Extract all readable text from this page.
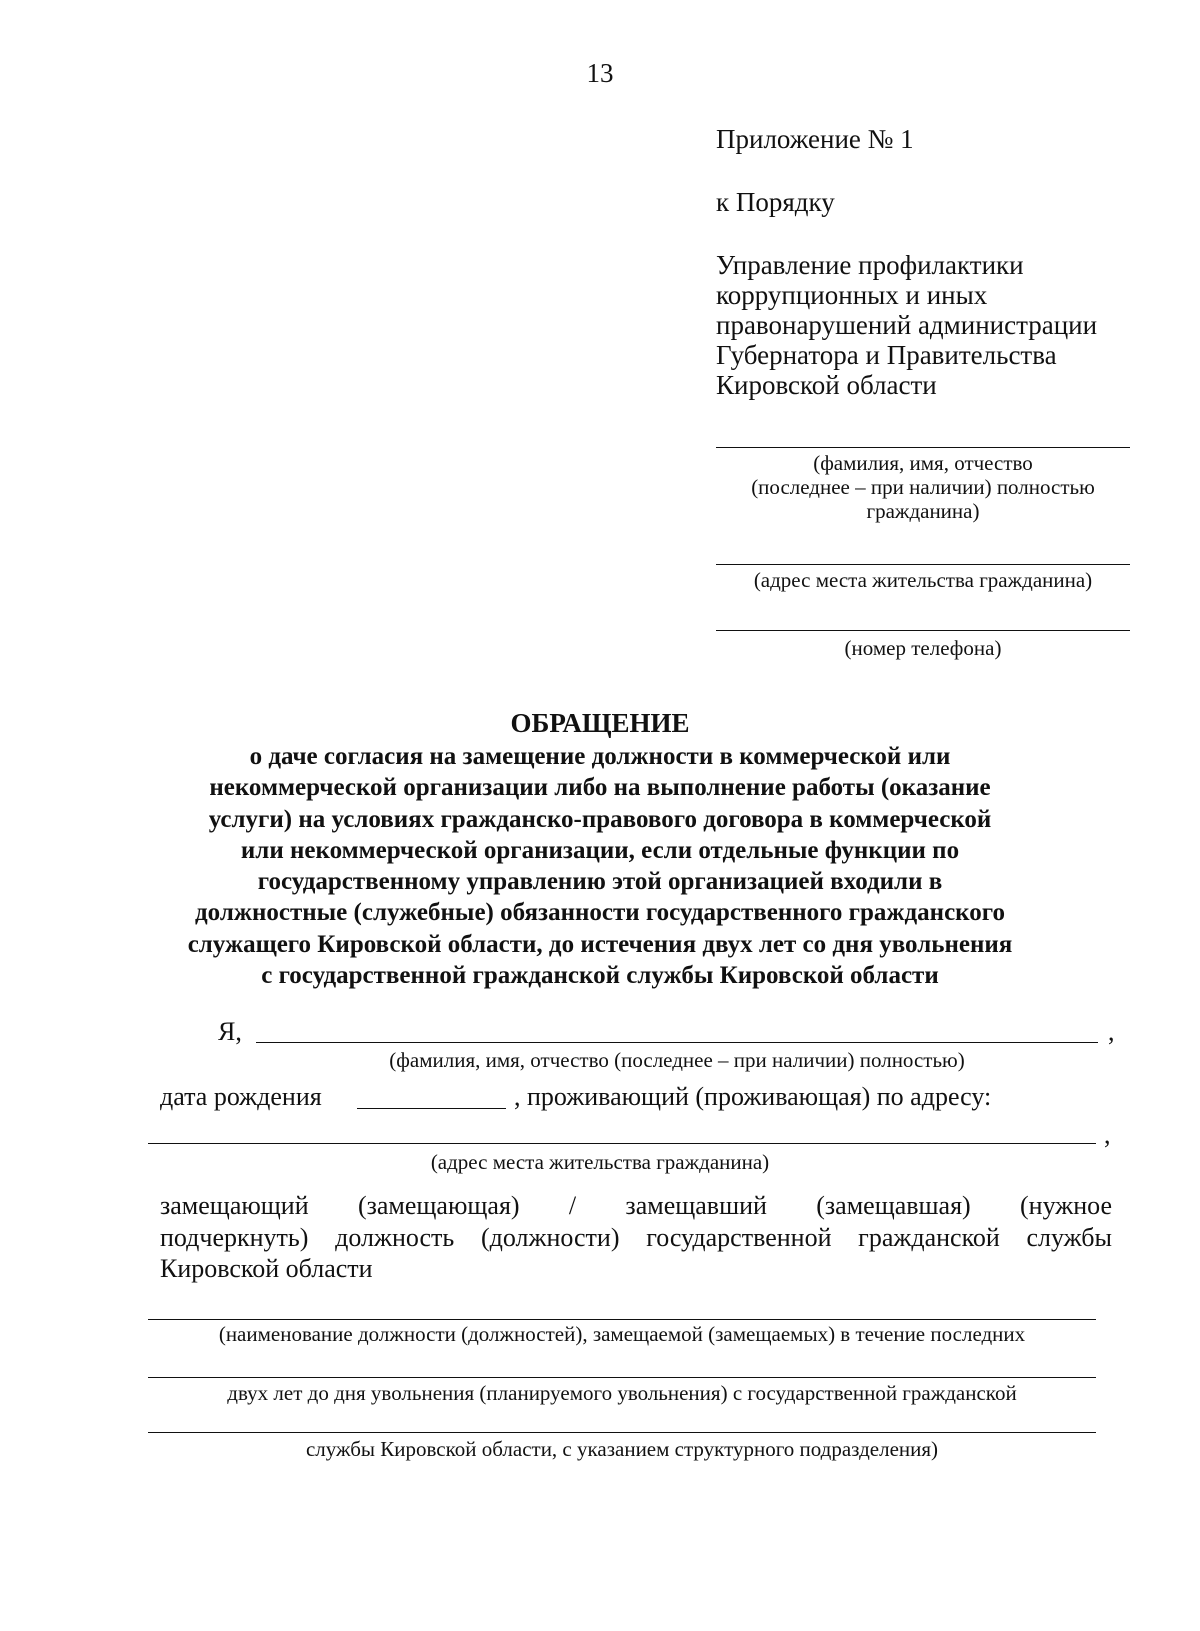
13
Приложение № 1
к Порядку
Управление профилактики
коррупционных и иных
правонарушений администрации
Губернатора и Правительства
Кировской области
(фамилия, имя, отчество
(последнее – при наличии) полностью
гражданина)
(адрес места жительства гражданина)
(номер телефона)
ОБРАЩЕНИЕ
о даче согласия на замещение должности в коммерческой или
некоммерческой организации либо на выполнение работы (оказание
услуги) на условиях гражданско-правового договора в коммерческой
или некоммерческой организации, если отдельные функции по
государственному управлению этой организацией входили в
должностные (служебные) обязанности государственного гражданского
служащего Кировской области, до истечения двух лет со дня увольнения
с государственной гражданской службы Кировской области
Я,	,
(фамилия, имя, отчество (последнее – при наличии) полностью)
дата рождения	, проживающий (проживающая) по адресу:
,
(адрес места жительства гражданина)
замещающий (замещающая) / замещавший (замещавшая) (нужное
подчеркнуть) должность (должности) государственной гражданской службы
Кировской области
(наименование должности (должностей), замещаемой (замещаемых) в течение последних
двух лет до дня увольнения (планируемого увольнения) с государственной гражданской
службы Кировской области, с указанием структурного подразделения)
